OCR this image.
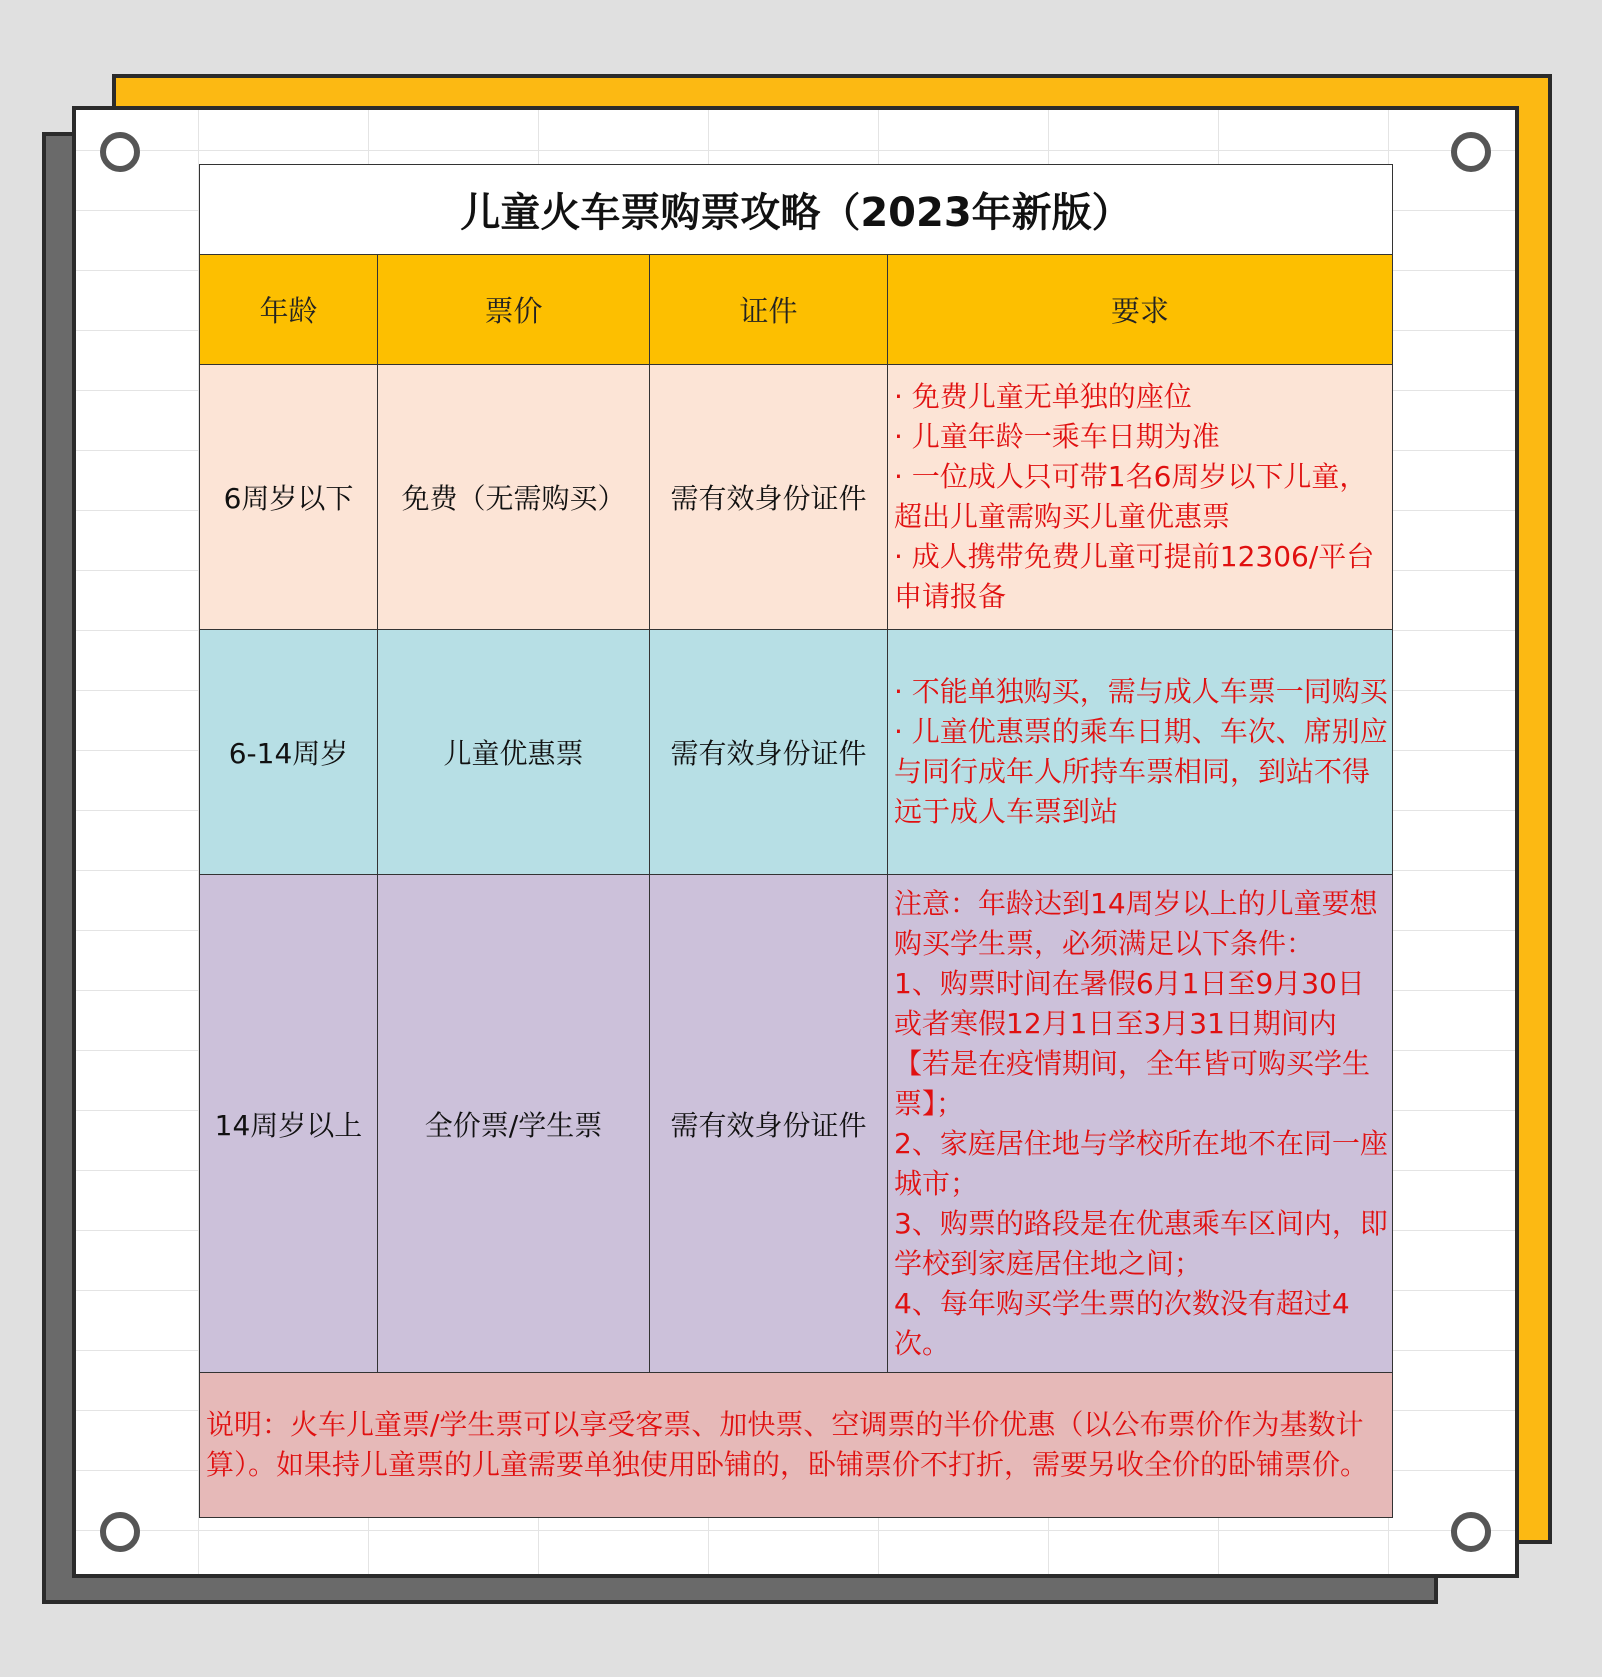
儿童火车票购票攻略（2023年新版）			
年龄	票价	证件	要求
6周岁以下	免费（无需购买）	需有效身份证件	· 免费儿童无单独的座位
· 儿童年龄一乘车日期为准
· 一位成人只可带1名6周岁以下儿童，超出儿童需购买儿童优惠票
· 成人携带免费儿童可提前12306/平台申请报备

6-14周岁	儿童优惠票	需有效身份证件	· 不能单独购买，需与成人车票一同购买
· 儿童优惠票的乘车日期、车次、席别应与同行成年人所持车票相同，到站不得远于成人车票到站

14周岁以上	全价票/学生票	需有效身份证件	注意：年龄达到14周岁以上的儿童要想购买学生票，必须满足以下条件：
1、购票时间在暑假6月1日至9月30日或者寒假12月1日至3月31日期间内【若是在疫情期间，全年皆可购买学生票】；
2、家庭居住地与学校所在地不在同一座城市；
3、购票的路段是在优惠乘车区间内，即学校到家庭居住地之间；
4、每年购买学生票的次数没有超过4次。

说明：火车儿童票/学生票可以享受客票、加快票、空调票的半价优惠（以公布票价作为基数计算）。如果持儿童票的儿童需要单独使用卧铺的，卧铺票价不打折，需要另收全价的卧铺票价。			
